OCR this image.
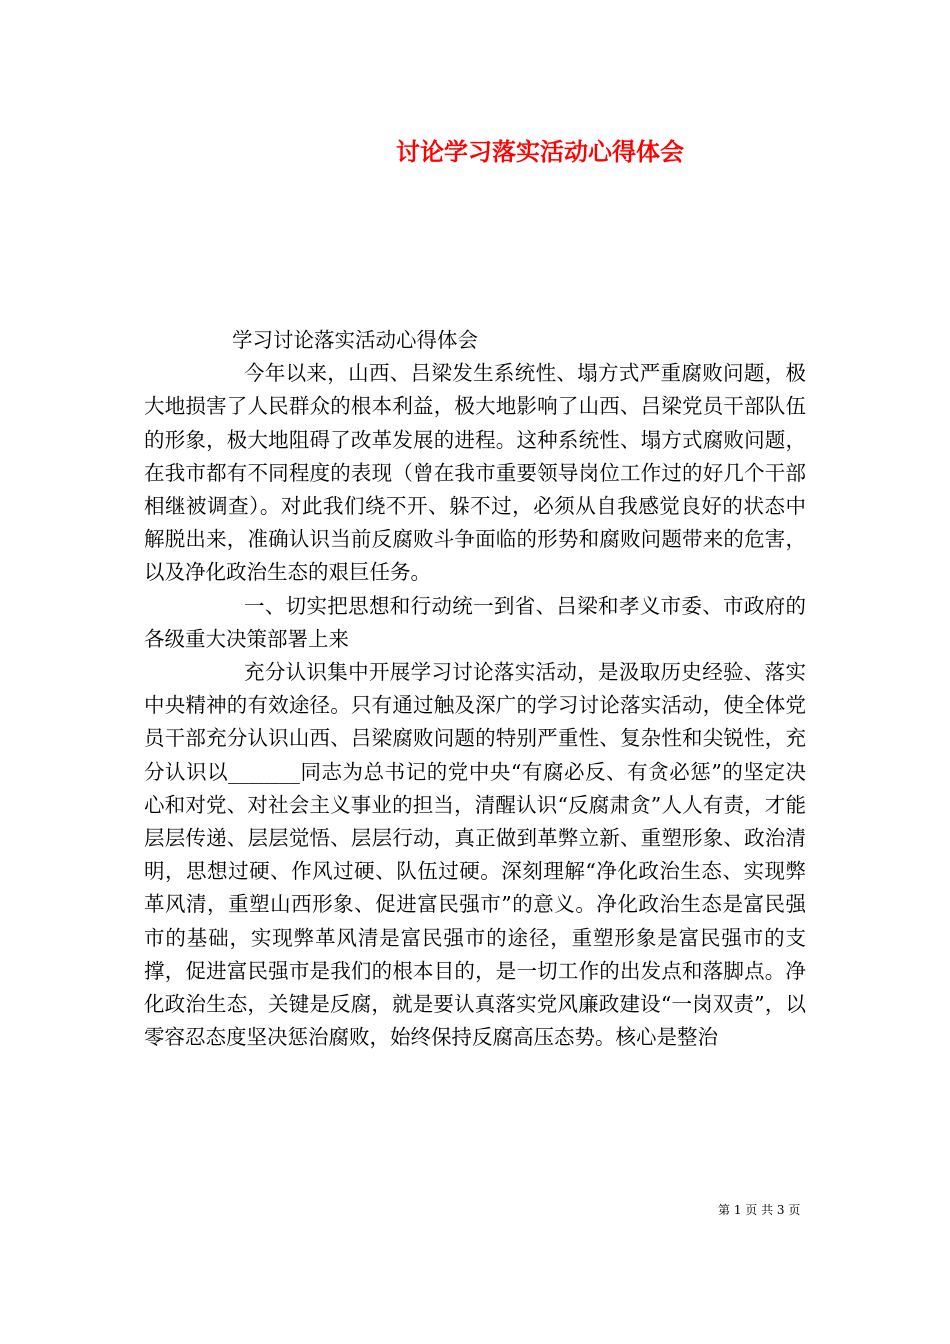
讨论学习落实活动心得体会

学习讨论落实活动心得体会

今年以来，山西、吕梁发生系统性、塌方式严重腐败问题，极大地损害了人民群众的根本利益，极大地影响了山西、吕梁党员干部队伍的形象，极大地阻碍了改革发展的进程。这种系统性、塌方式腐败问题，在我市都有不同程度的表现（曾在我市重要领导岗位工作过的好几个干部相继被调查）。对此我们绕不开、躲不过，必须从自我感觉良好的状态中解脱出来，准确认识当前反腐败斗争面临的形势和腐败问题带来的危害，以及净化政治生态的艰巨任务。

一、切实把思想和行动统一到省、吕梁和孝义市委、市政府的各级重大决策部署上来

充分认识集中开展学习讨论落实活动，是汲取历史经验、落实中央精神的有效途径。只有通过触及深广的学习讨论落实活动，使全体党员干部充分认识山西、吕梁腐败问题的特别严重性、复杂性和尖锐性，充分认识以_______同志为总书记的党中央“有腐必反、有贪必惩”的坚定决心和对党、对社会主义事业的担当，清醒认识“反腐肃贪”人人有责，才能层层传递、层层觉悟、层层行动，真正做到革弊立新、重塑形象、政治清明，思想过硬、作风过硬、队伍过硬。深刻理解“净化政治生态、实现弊革风清，重塑山西形象、促进富民强市”的意义。净化政治生态是富民强市的基础，实现弊革风清是富民强市的途径，重塑形象是富民强市的支撑，促进富民强市是我们的根本目的，是一切工作的出发点和落脚点。净化政治生态，关键是反腐，就是要认真落实党风廉政建设“一岗双责”，以零容忍态度坚决惩治腐败，始终保持反腐高压态势。核心是整治

第 1 页 共 3 页
